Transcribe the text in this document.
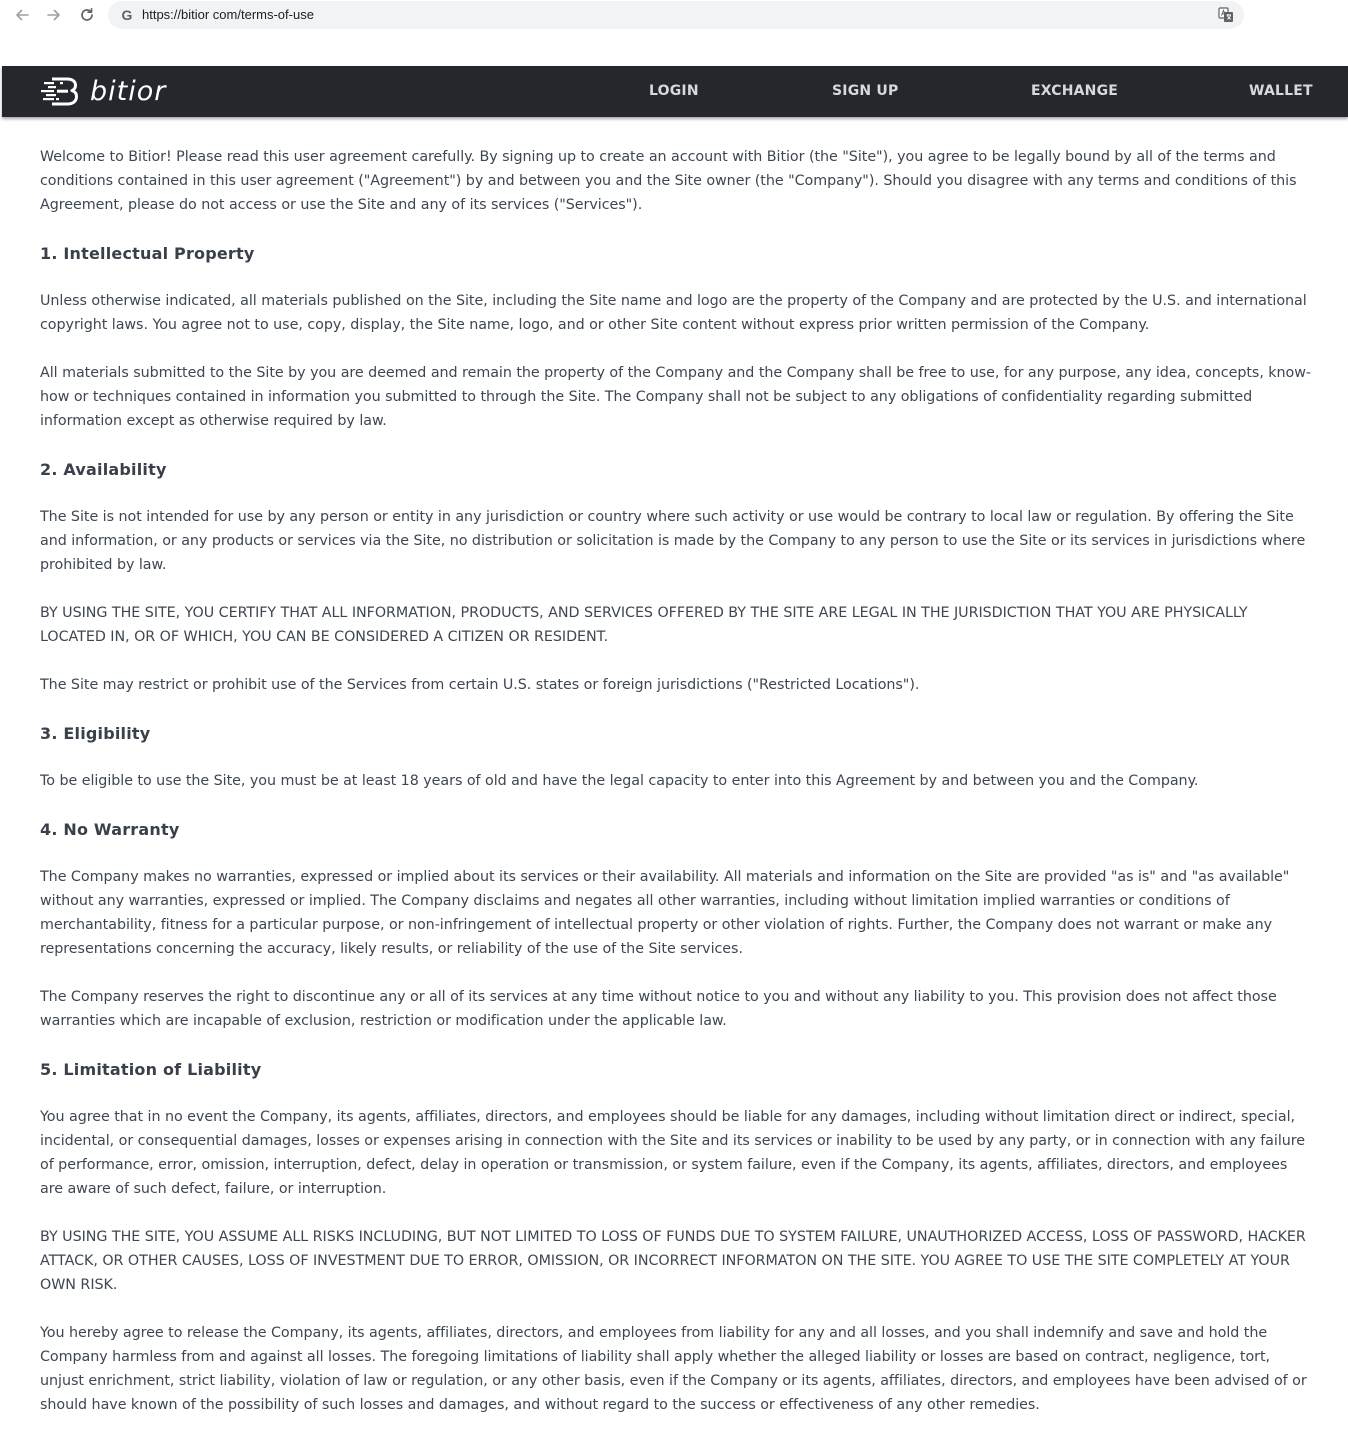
G https://bitior com/terms-of-use
bitior	LOGIN	SIGN UP	EXCHANGE	WALLET

Welcome to Bitior! Please read this user agreement carefully. By signing up to create an account with Bitior (the "Site"), you agree to be legally bound by all of the terms and conditions contained in this user agreement ("Agreement") by and between you and the Site owner (the "Company"). Should you disagree with any terms and conditions of this Agreement, please do not access or use the Site and any of its services ("Services").

1. Intellectual Property

Unless otherwise indicated, all materials published on the Site, including the Site name and logo are the property of the Company and are protected by the U.S. and international copyright laws. You agree not to use, copy, display, the Site name, logo, and or other Site content without express prior written permission of the Company.

All materials submitted to the Site by you are deemed and remain the property of the Company and the Company shall be free to use, for any purpose, any idea, concepts, know-how or techniques contained in information you submitted to through the Site. The Company shall not be subject to any obligations of confidentiality regarding submitted information except as otherwise required by law.

2. Availability

The Site is not intended for use by any person or entity in any jurisdiction or country where such activity or use would be contrary to local law or regulation. By offering the Site and information, or any products or services via the Site, no distribution or solicitation is made by the Company to any person to use the Site or its services in jurisdictions where prohibited by law.

BY USING THE SITE, YOU CERTIFY THAT ALL INFORMATION, PRODUCTS, AND SERVICES OFFERED BY THE SITE ARE LEGAL IN THE JURISDICTION THAT YOU ARE PHYSICALLY LOCATED IN, OR OF WHICH, YOU CAN BE CONSIDERED A CITIZEN OR RESIDENT.

The Site may restrict or prohibit use of the Services from certain U.S. states or foreign jurisdictions ("Restricted Locations").

3. Eligibility

To be eligible to use the Site, you must be at least 18 years of old and have the legal capacity to enter into this Agreement by and between you and the Company.

4. No Warranty

The Company makes no warranties, expressed or implied about its services or their availability. All materials and information on the Site are provided "as is" and "as available" without any warranties, expressed or implied. The Company disclaims and negates all other warranties, including without limitation implied warranties or conditions of merchantability, fitness for a particular purpose, or non-infringement of intellectual property or other violation of rights. Further, the Company does not warrant or make any representations concerning the accuracy, likely results, or reliability of the use of the Site services.

The Company reserves the right to discontinue any or all of its services at any time without notice to you and without any liability to you. This provision does not affect those warranties which are incapable of exclusion, restriction or modification under the applicable law.

5. Limitation of Liability

You agree that in no event the Company, its agents, affiliates, directors, and employees should be liable for any damages, including without limitation direct or indirect, special, incidental, or consequential damages, losses or expenses arising in connection with the Site and its services or inability to be used by any party, or in connection with any failure of performance, error, omission, interruption, defect, delay in operation or transmission, or system failure, even if the Company, its agents, affiliates, directors, and employees are aware of such defect, failure, or interruption.

BY USING THE SITE, YOU ASSUME ALL RISKS INCLUDING, BUT NOT LIMITED TO LOSS OF FUNDS DUE TO SYSTEM FAILURE, UNAUTHORIZED ACCESS, LOSS OF PASSWORD, HACKER ATTACK, OR OTHER CAUSES, LOSS OF INVESTMENT DUE TO ERROR, OMISSION, OR INCORRECT INFORMATON ON THE SITE. YOU AGREE TO USE THE SITE COMPLETELY AT YOUR OWN RISK.

You hereby agree to release the Company, its agents, affiliates, directors, and employees from liability for any and all losses, and you shall indemnify and save and hold the Company harmless from and against all losses. The foregoing limitations of liability shall apply whether the alleged liability or losses are based on contract, negligence, tort, unjust enrichment, strict liability, violation of law or regulation, or any other basis, even if the Company or its agents, affiliates, directors, and employees have been advised of or should have known of the possibility of such losses and damages, and without regard to the success or effectiveness of any other remedies.
